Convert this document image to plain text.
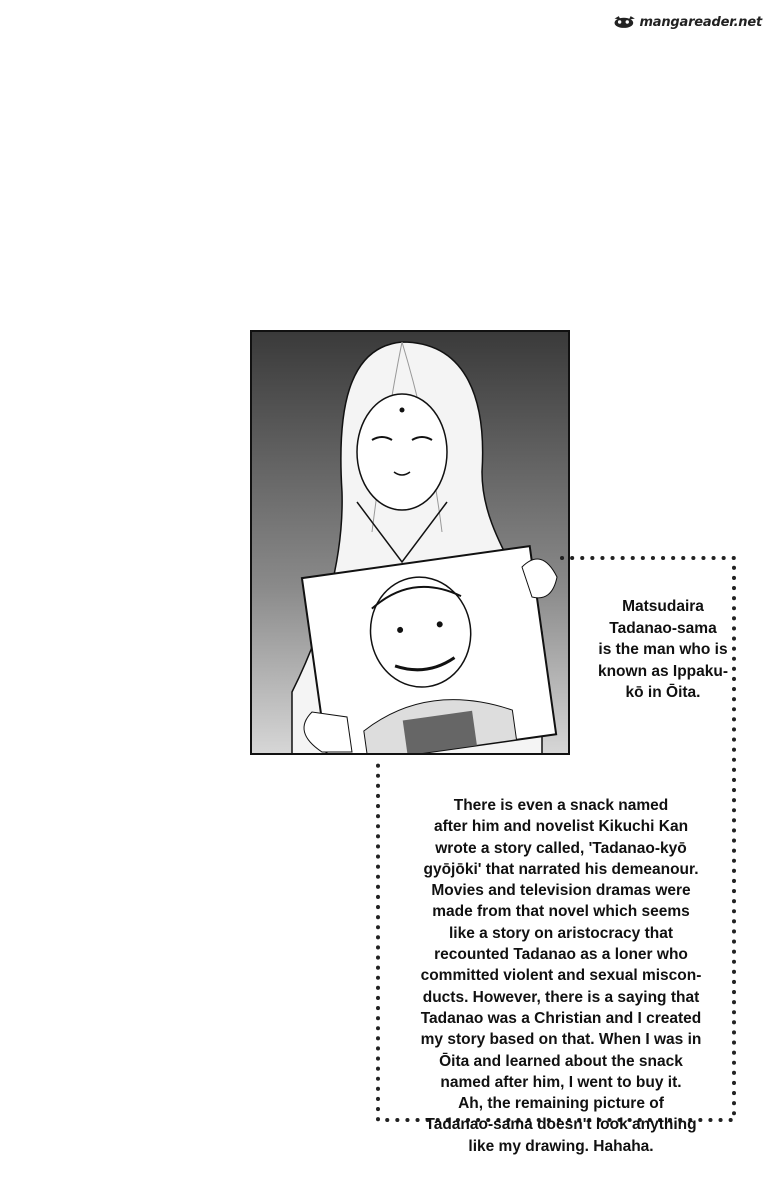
mangareader.net

Matsudaira

Tadanao-sama

is the man who is

known as Ippaku-

kō in Ōita.

There is even a snack named

after him and novelist Kikuchi Kan

wrote a story called, 'Tadanao-kyō

gyōjōki' that narrated his demeanour.

Movies and television dramas were

made from that novel which seems

like a story on aristocracy that

recounted Tadanao as a loner who

committed violent and sexual miscon-

ducts. However, there is a saying that

Tadanao was a Christian and I created

my story based on that. When I was in

Ōita and learned about the snack

named after him, I went to buy it.

Ah, the remaining picture of

Tadanao-sama doesn't look anything

like my drawing. Hahaha.
